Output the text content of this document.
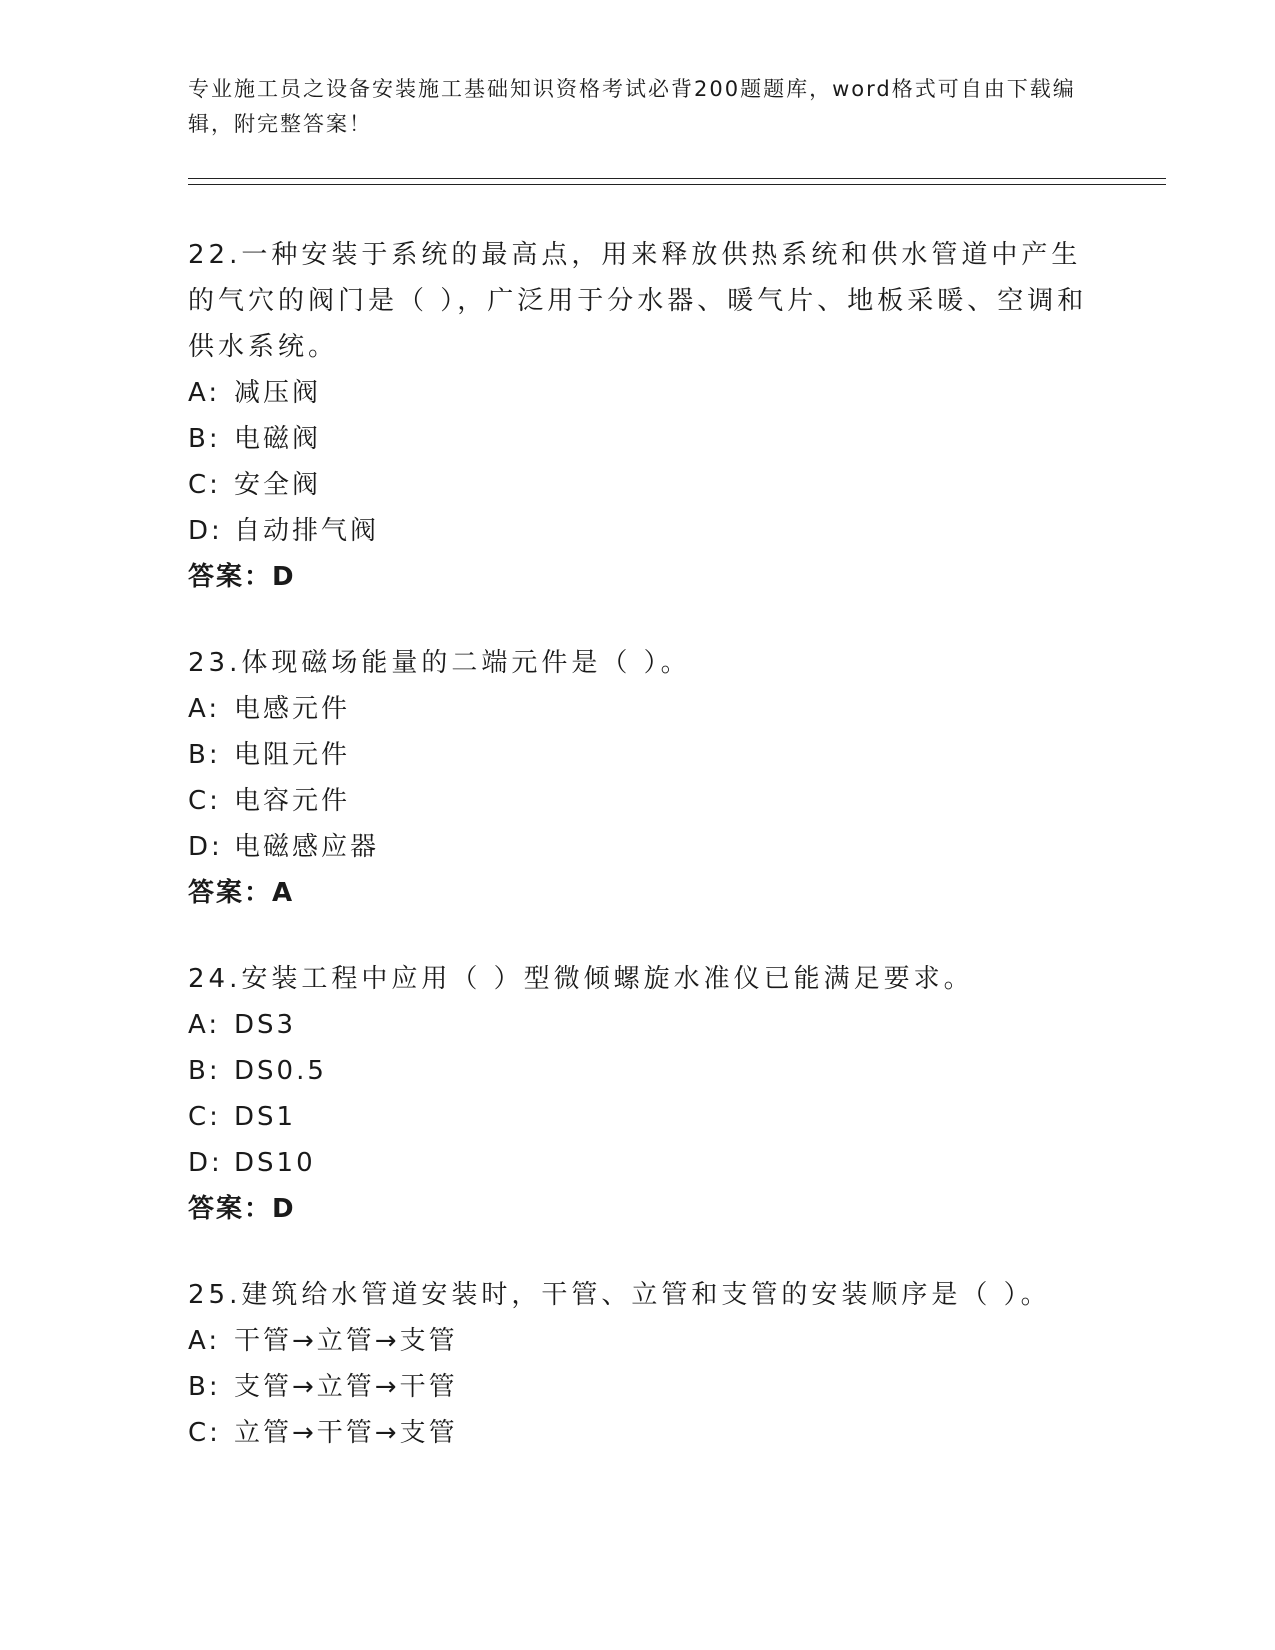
专业施工员之设备安装施工基础知识资格考试必背200题题库，word格式可自由下载编辑，附完整答案！

22.一种安装于系统的最高点，用来释放供热系统和供水管道中产生的气穴的阀门是（ ），广泛用于分水器、暖气片、地板采暖、空调和供水系统。

A: 减压阀

B: 电磁阀

C: 安全阀

D: 自动排气阀

答案：D

23.体现磁场能量的二端元件是（ ）。

A: 电感元件

B: 电阻元件

C: 电容元件

D: 电磁感应器

答案：A

24.安装工程中应用（ ）型微倾螺旋水准仪已能满足要求。

A: DS3

B: DS0.5

C: DS1

D: DS10

答案：D

25.建筑给水管道安装时，干管、立管和支管的安装顺序是（ ）。

A: 干管→立管→支管

B: 支管→立管→干管

C: 立管→干管→支管
